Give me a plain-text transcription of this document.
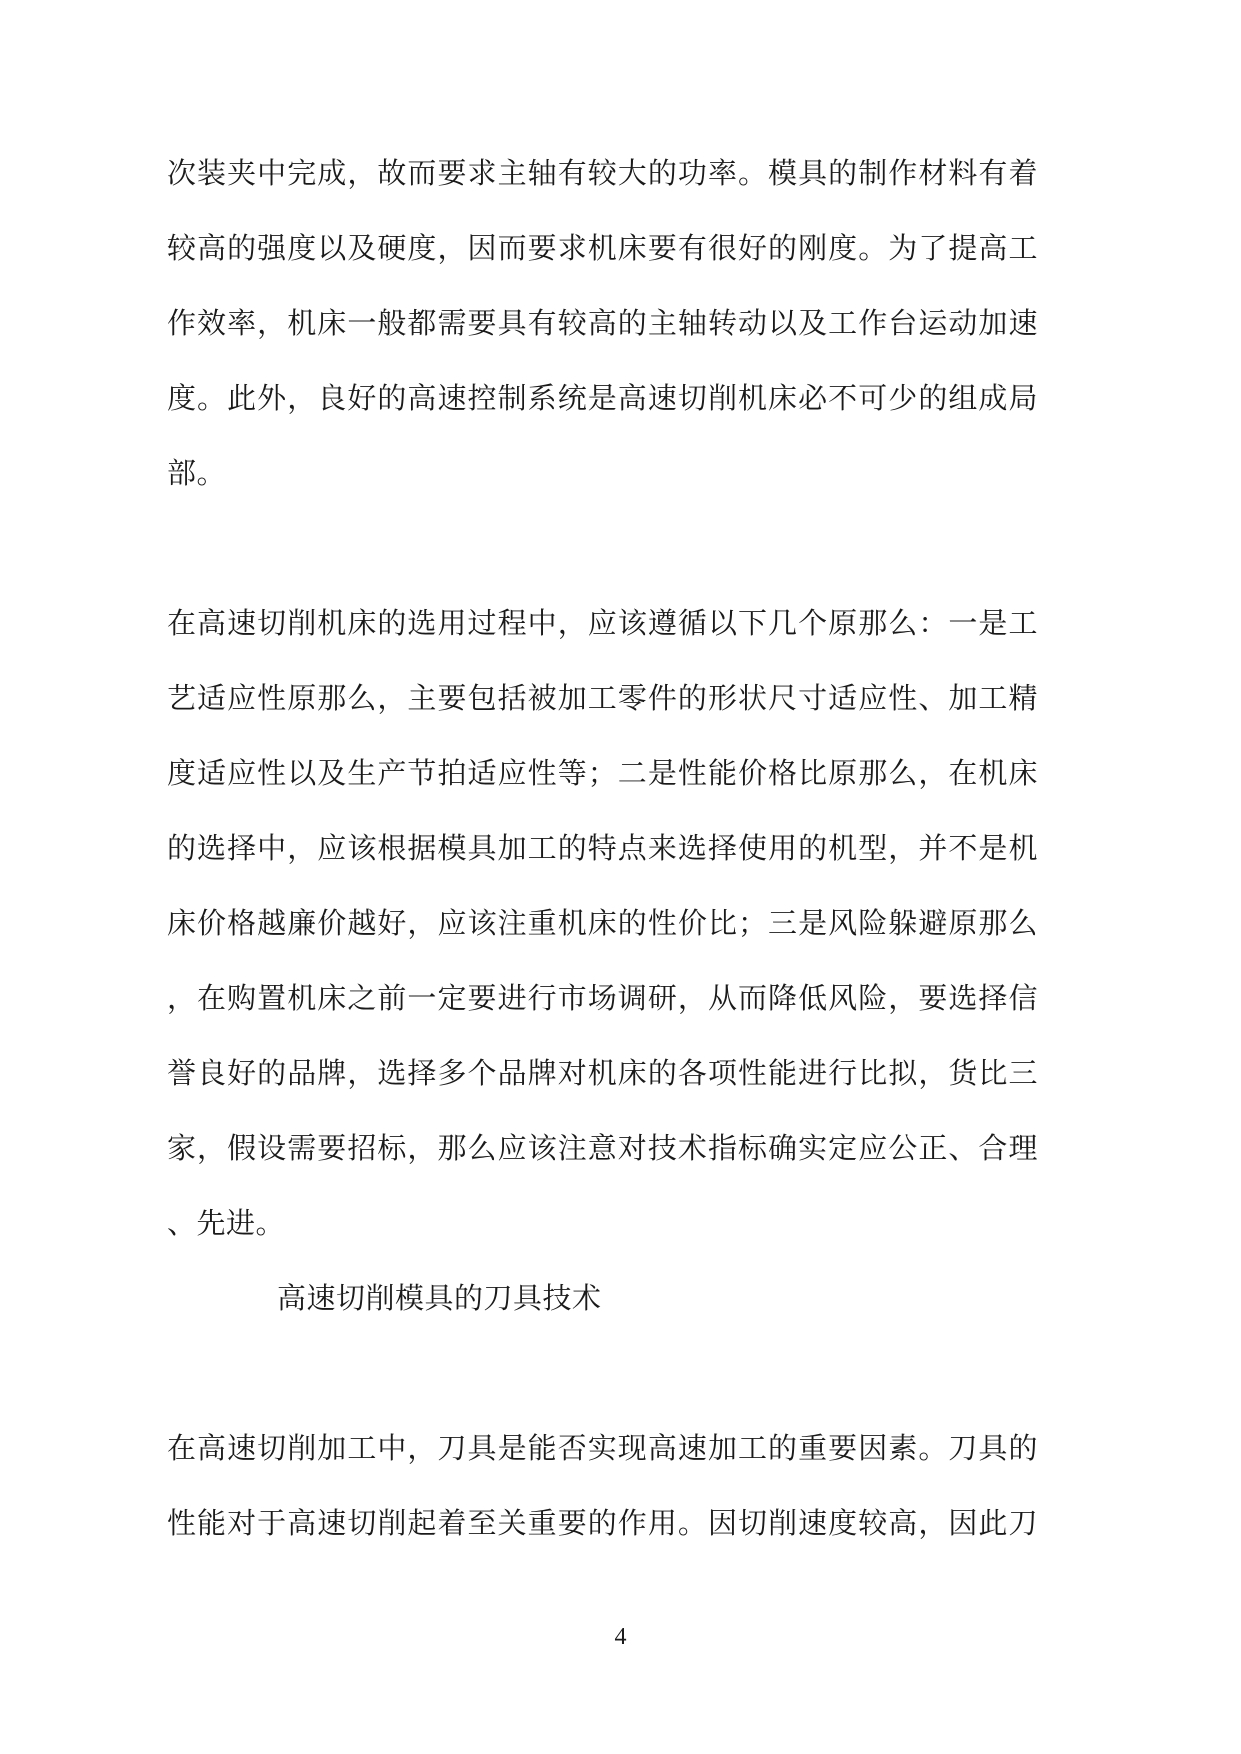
次装夹中完成，故而要求主轴有较大的功率。模具的制作材料有着
较高的强度以及硬度，因而要求机床要有很好的刚度。为了提高工
作效率，机床一般都需要具有较高的主轴转动以及工作台运动加速
度。此外，良好的高速控制系统是高速切削机床必不可少的组成局
部。
在高速切削机床的选用过程中，应该遵循以下几个原那么：一是工
艺适应性原那么，主要包括被加工零件的形状尺寸适应性、加工精
度适应性以及生产节拍适应性等；二是性能价格比原那么，在机床
的选择中，应该根据模具加工的特点来选择使用的机型，并不是机
床价格越廉价越好，应该注重机床的性价比；三是风险躲避原那么
，在购置机床之前一定要进行市场调研，从而降低风险，要选择信
誉良好的品牌，选择多个品牌对机床的各项性能进行比拟，货比三
家，假设需要招标，那么应该注意对技术指标确实定应公正、合理
、先进。
高速切削模具的刀具技术
在高速切削加工中，刀具是能否实现高速加工的重要因素。刀具的
性能对于高速切削起着至关重要的作用。因切削速度较高，因此刀
4
